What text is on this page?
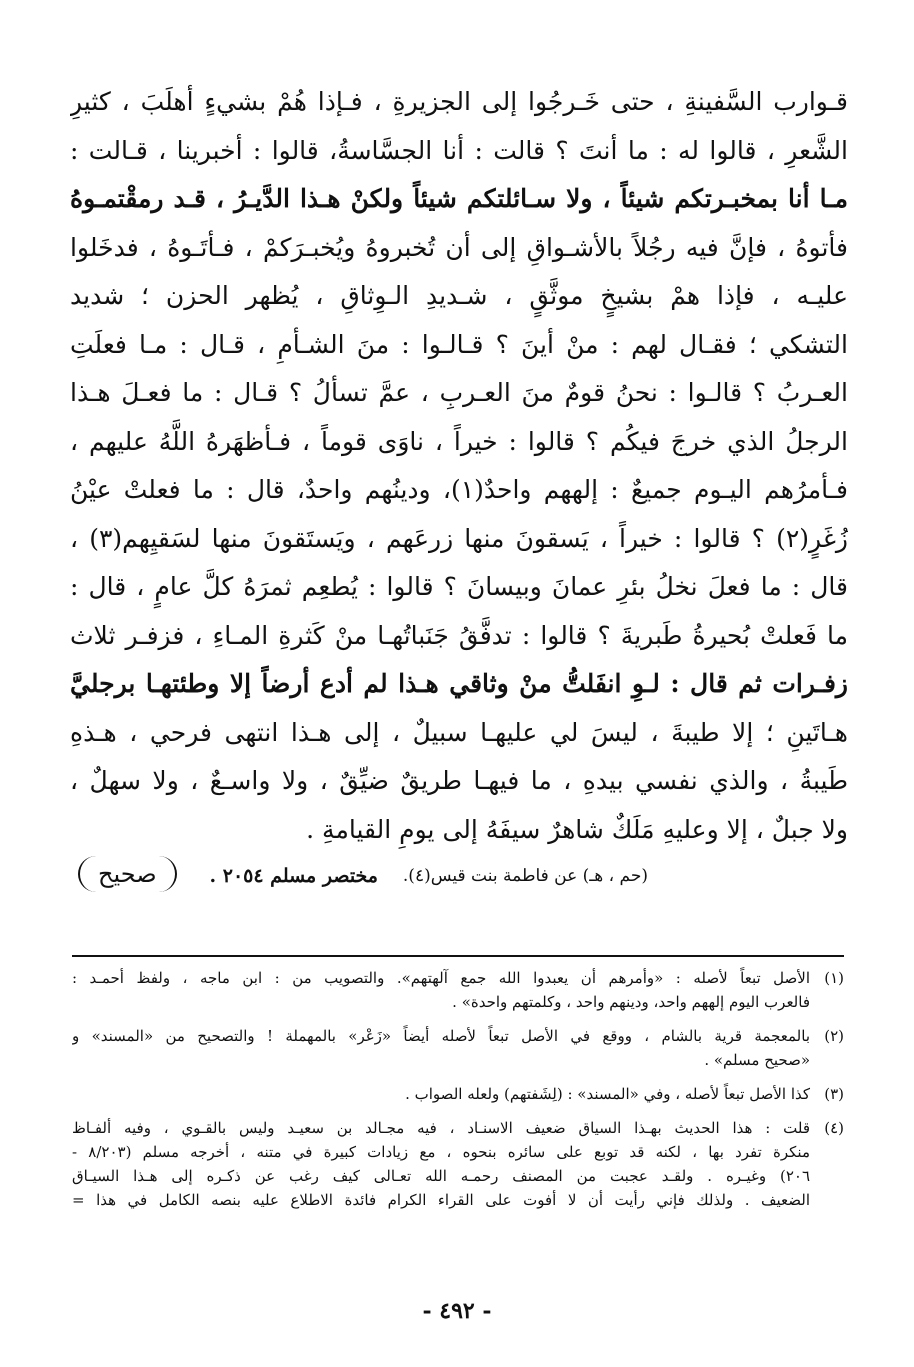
قـوارب السَّفينةِ ، حتى خَـرجُوا إلى الجزيرةِ ، فـإذا هُمْ بشيءٍ أهلَبَ ، كثيرِ
الشَّعرِ ، قالوا له : ما أنتَ ؟ قالت : أنا الجسَّاسةُ، قالوا : أخبرينا ، قـالت :
مـا أنا بمخبـرتكم شيئاً ، ولا سـائلتكم شيئاً ولكنْ هـذا الدَّيـرُ ، قـد رمقْتمـوهُ
فأتوهُ ، فإنَّ فيه رجُلاً بالأشـواقِ إلى أن تُخبروهُ ويُخبـرَكمْ ، فـأتَـوهُ ، فدخَلوا
عليـه ، فإذا همْ بشيخٍ موثَّقٍ ، شـديدِ الـوِثاقِ ، يُظهر الحزن ؛ شديد
التشكي ؛ فقـال لهم : منْ أينَ ؟ قـالـوا : منَ الشـأمِ ، قـال : مـا فعلَتِ
العـربُ ؟ قالـوا : نحنُ قومٌ منَ العـربِ ، عمَّ تسألُ ؟ قـال : ما فعـلَ هـذا
الرجلُ الذي خرجَ فيكُم ؟ قالوا : خيراً ، ناوَى قوماً ، فـأظهَرهُ اللَّهُ عليهم ،
فـأمرُهم اليـوم جميعٌ : إلههم واحدٌ(١)، ودينُهم واحدٌ، قال : ما فعلتْ عيْنُ
زُغَرٍ(٢) ؟ قالوا : خيراً ، يَسقونَ منها زرعَهم ، ويَستَقونَ منها لسَقيِهم(٣) ،
قال : ما فعلَ نخلُ بئرِ عمانَ وبيسانَ ؟ قالوا : يُطعِم ثمرَهُ كلَّ عامٍ ، قال :
ما فَعلتْ بُحيرةُ طَبريةَ ؟ قالوا : تدفَّقُ جَنَباتُهـا منْ كَثرةِ المـاءِ ، فزفـر ثلاث
زفـرات ثم قال : لـوِ انفَلتُّ منْ وثاقي هـذا لم أدع أرضاً إلا وطئتهـا برجليَّ
هـاتَينِ ؛ إلا طيبةَ ، ليسَ لي عليهـا سبيلٌ ، إلى هـذا انتهى فرحي ، هـذهِ
طَيبةُ ، والذي نفسي بيدهِ ، ما فيهـا طريقٌ ضيِّقٌ ، ولا واسـعٌ ، ولا سهلٌ ،
ولا جبلٌ ، إلا وعليهِ مَلَكٌ شاهرٌ سيفَهُ إلى يومِ القيامةِ .
(حم ، هـ) عن فاطمة بنت قيس(٤).
مختصر مسلم ٢٠٥٤ .
صحيح
(١)الأصل تبعاً لأصله : «وأمرهم أن يعبدوا الله جمع آلهتهم». والتصويب من : ابن ماجه ، ولفظ أحمـد :
فالعرب اليوم إلههم واحد، ودينهم واحد ، وكلمتهم واحدة» .
(٢)بالمعجمة قرية بالشام ، ووقع في الأصل تبعاً لأصله أيضاً «زَعْر» بالمهملة ! والتصحيح من «المسند» و
«صحيح مسلم» .
(٣)كذا الأصل تبعاً لأصله ، وفي «المسند» : (لِشَفتهم) ولعله الصواب .
(٤)قلت : هذا الحديث بهـذا السياق ضعيف الاسنـاد ، فيه مجـالد بن سعيـد وليس بالقـوي ، وفيه ألفـاظ
منكرة تفرد بها ، لكنه قد توبع على سائره بنحوه ، مع زيادات كبيرة في متنه ، أخرجه مسلم (٨/٢٠٣ -
٢٠٦) وغيـره . ولقـد عجبت من المصنف رحمـه الله تعـالى كيف رغب عن ذكـره إلى هـذا السيـاق
الضعيف . ولذلك فإني رأيت أن لا أفوت على القراء الكرام فائدة الاطلاع عليه بنصه الكامل في هذا =
- ٤٩٢ -
